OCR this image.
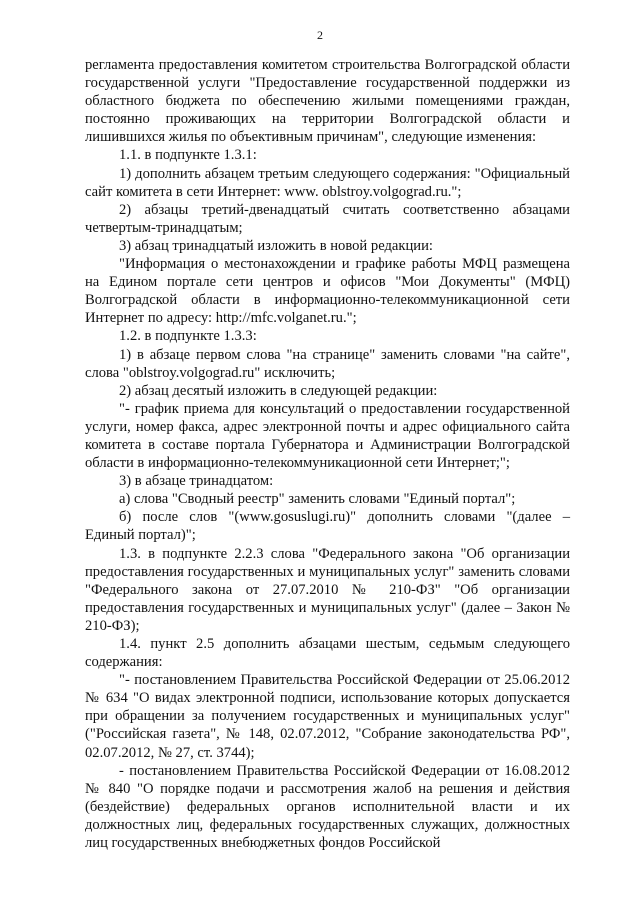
2

регламента предоставления комитетом строительства Волгоградской области государственной услуги "Предоставление государственной поддержки из областного бюджета по обеспечению жилыми помещениями граждан, постоянно проживающих на территории Волгоградской области и лишившихся жилья по объективным причинам", следующие изменения:

1.1. в подпункте 1.3.1:

1) дополнить абзацем третьим следующего содержания: "Официальный сайт комитета в сети Интернет: www. oblstroy.volgograd.ru.";

2) абзацы третий-двенадцатый считать соответственно абзацами четвертым-тринадцатым;

3) абзац тринадцатый изложить в новой редакции:

"Информация о местонахождении и графике работы МФЦ размещена на Едином портале сети центров и офисов "Мои Документы" (МФЦ) Волгоградской области в информационно-телекоммуникационной сети Интернет по адресу: http://mfc.volganet.ru.";

1.2. в подпункте 1.3.3:

1) в абзаце первом слова "на странице" заменить словами "на сайте", слова "oblstroy.volgograd.ru" исключить;

2) абзац десятый изложить в следующей редакции:

"- график приема для консультаций о предоставлении государственной услуги, номер факса, адрес электронной почты и адрес официального сайта комитета в составе портала Губернатора и Администрации Волгоградской области в информационно-телекоммуникационной сети Интернет;";

3) в абзаце тринадцатом:

а) слова "Сводный реестр" заменить словами "Единый портал";

б) после слов "(www.gosuslugi.ru)" дополнить словами "(далее – Единый портал)";

1.3. в подпункте 2.2.3 слова "Федерального закона "Об организации предоставления государственных и муниципальных услуг" заменить словами "Федерального закона от 27.07.2010 № 210-ФЗ" "Об организации предоставления государственных и муниципальных услуг" (далее – Закон № 210-ФЗ);

1.4. пункт 2.5 дополнить абзацами шестым, седьмым следующего содержания:

"- постановлением Правительства Российской Федерации от 25.06.2012 № 634 "О видах электронной подписи, использование которых допускается при обращении за получением государственных и муниципальных услуг" ("Российская газета", № 148, 02.07.2012, "Собрание законодательства РФ", 02.07.2012, № 27, ст. 3744);

- постановлением Правительства Российской Федерации от 16.08.2012 № 840 "О порядке подачи и рассмотрения жалоб на решения и действия (бездействие) федеральных органов исполнительной власти и их должностных лиц, федеральных государственных служащих, должностных лиц государственных внебюджетных фондов Российской
